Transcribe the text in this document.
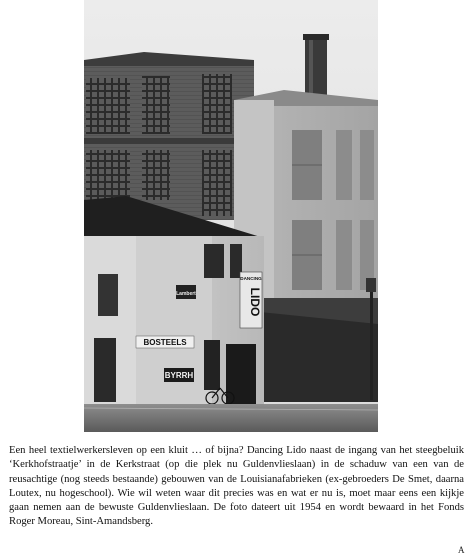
Lambert
DANCING
LIDO
BOSTEELS
BYRRH

Een heel textielwerkersleven op een kluit … of bijna? Dancing Lido naast de ingang van het steegbeluik ‘Kerkhofstraatje’ in de Kerkstraat (op die plek nu Guldenvlieslaan) in de schaduw van een van de reusachtige (nog steeds bestaande) gebouwen van de Louisianafabrieken (ex-gebroeders De Smet, daarna Loutex, nu hogeschool). Wie wil weten waar dit precies was en wat er nu is, moet maar eens een kijkje gaan nemen aan de bewuste Guldenvlieslaan. De foto dateert uit 1954 en wordt bewaard in het Fonds Roger Moreau, Sint-Amandsberg.

A
